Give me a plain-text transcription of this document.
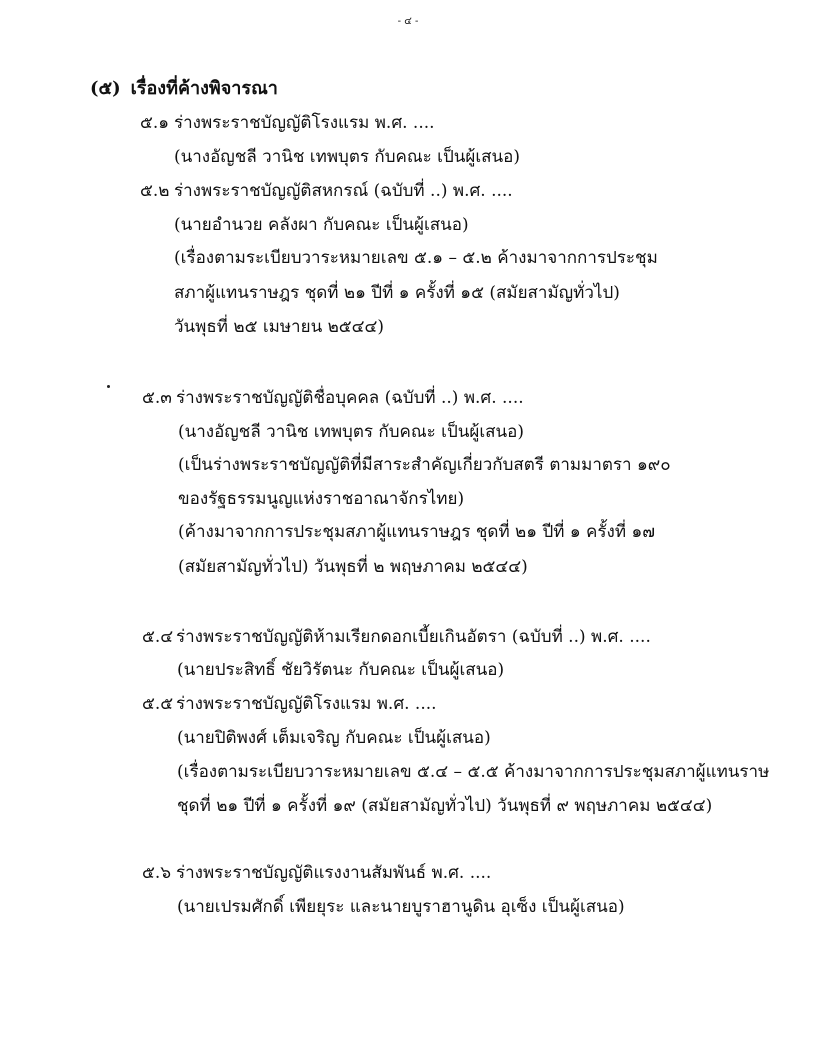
- ๔ -
(๕) เรื่องที่ค้างพิจารณา
๕.๑ ร่างพระราชบัญญัติโรงแรม พ.ศ. ....
(นางอัญชลี วานิช เทพบุตร กับคณะ เป็นผู้เสนอ)
๕.๒ ร่างพระราชบัญญัติสหกรณ์ (ฉบับที่ ..) พ.ศ. ....
(นายอำนวย คลังผา กับคณะ เป็นผู้เสนอ)
(เรื่องตามระเบียบวาระหมายเลข ๕.๑ – ๕.๒ ค้างมาจากการประชุม
สภาผู้แทนราษฎร ชุดที่ ๒๑ ปีที่ ๑ ครั้งที่ ๑๕ (สมัยสามัญทั่วไป)
วันพุธที่ ๒๕ เมษายน ๒๕๔๔)
๕.๓ ร่างพระราชบัญญัติชื่อบุคคล (ฉบับที่ ..) พ.ศ. ....
(นางอัญชลี วานิช เทพบุตร กับคณะ เป็นผู้เสนอ)
(เป็นร่างพระราชบัญญัติที่มีสาระสำคัญเกี่ยวกับสตรี ตามมาตรา ๑๙๐
ของรัฐธรรมนูญแห่งราชอาณาจักรไทย)
(ค้างมาจากการประชุมสภาผู้แทนราษฎร ชุดที่ ๒๑ ปีที่ ๑ ครั้งที่ ๑๗
(สมัยสามัญทั่วไป) วันพุธที่ ๒ พฤษภาคม ๒๕๔๔)
๕.๔ ร่างพระราชบัญญัติห้ามเรียกดอกเบี้ยเกินอัตรา (ฉบับที่ ..) พ.ศ. ....
(นายประสิทธิ์ ชัยวิรัตนะ กับคณะ เป็นผู้เสนอ)
๕.๕ ร่างพระราชบัญญัติโรงแรม พ.ศ. ....
(นายปิติพงศ์ เต็มเจริญ กับคณะ เป็นผู้เสนอ)
(เรื่องตามระเบียบวาระหมายเลข ๕.๔ – ๕.๕ ค้างมาจากการประชุมสภาผู้แทนราษ
ชุดที่ ๒๑ ปีที่ ๑ ครั้งที่ ๑๙ (สมัยสามัญทั่วไป) วันพุธที่ ๙ พฤษภาคม ๒๕๔๔)
๕.๖ ร่างพระราชบัญญัติแรงงานสัมพันธ์ พ.ศ. ....
(นายเปรมศักดิ์ เพียยุระ และนายบูราฮานูดิน อุเซ็ง เป็นผู้เสนอ)
